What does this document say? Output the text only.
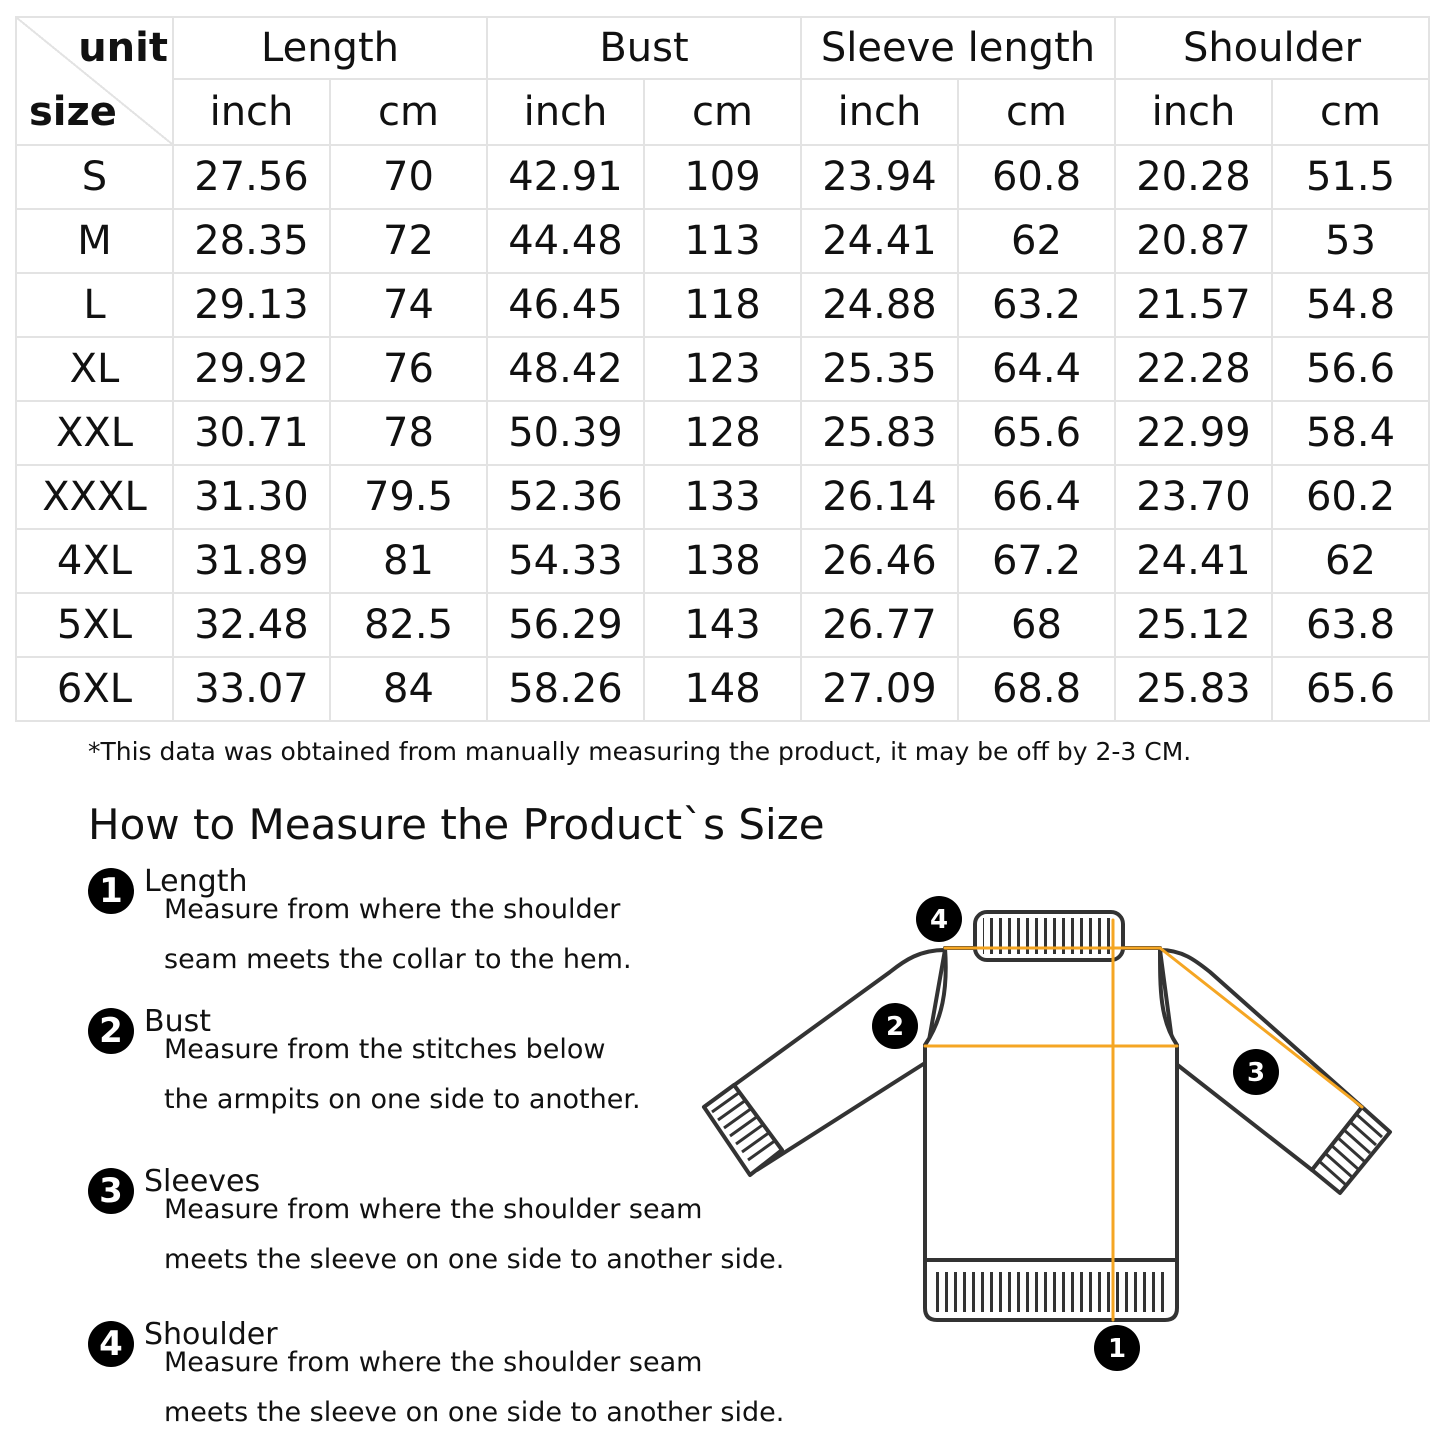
unit
size	Length		Bust		Sleeve length		Shoulder	
	inch	cm	inch	cm	inch	cm	inch	cm
S	27.56	70	42.91	109	23.94	60.8	20.28	51.5
M	28.35	72	44.48	113	24.41	62	20.87	53
L	29.13	74	46.45	118	24.88	63.2	21.57	54.8
XL	29.92	76	48.42	123	25.35	64.4	22.28	56.6
XXL	30.71	78	50.39	128	25.83	65.6	22.99	58.4
XXXL	31.30	79.5	52.36	133	26.14	66.4	23.70	60.2
4XL	31.89	81	54.33	138	26.46	67.2	24.41	62
5XL	32.48	82.5	56.29	143	26.77	68	25.12	63.8
6XL	33.07	84	58.26	148	27.09	68.8	25.83	65.6
*This data was obtained from manually measuring the product, it may be off by 2-3 CM.
How to Measure the Product`s Size
1 Length
Measure from where the shoulder
seam meets the collar to the hem.
2 Bust
Measure from the stitches below
the armpits on one side to another.
3 Sleeves
Measure from where the shoulder seam
meets the sleeve on one side to another side.
4 Shoulder
Measure from where the shoulder seam
meets the sleeve on one side to another side.
1
2
3
4
